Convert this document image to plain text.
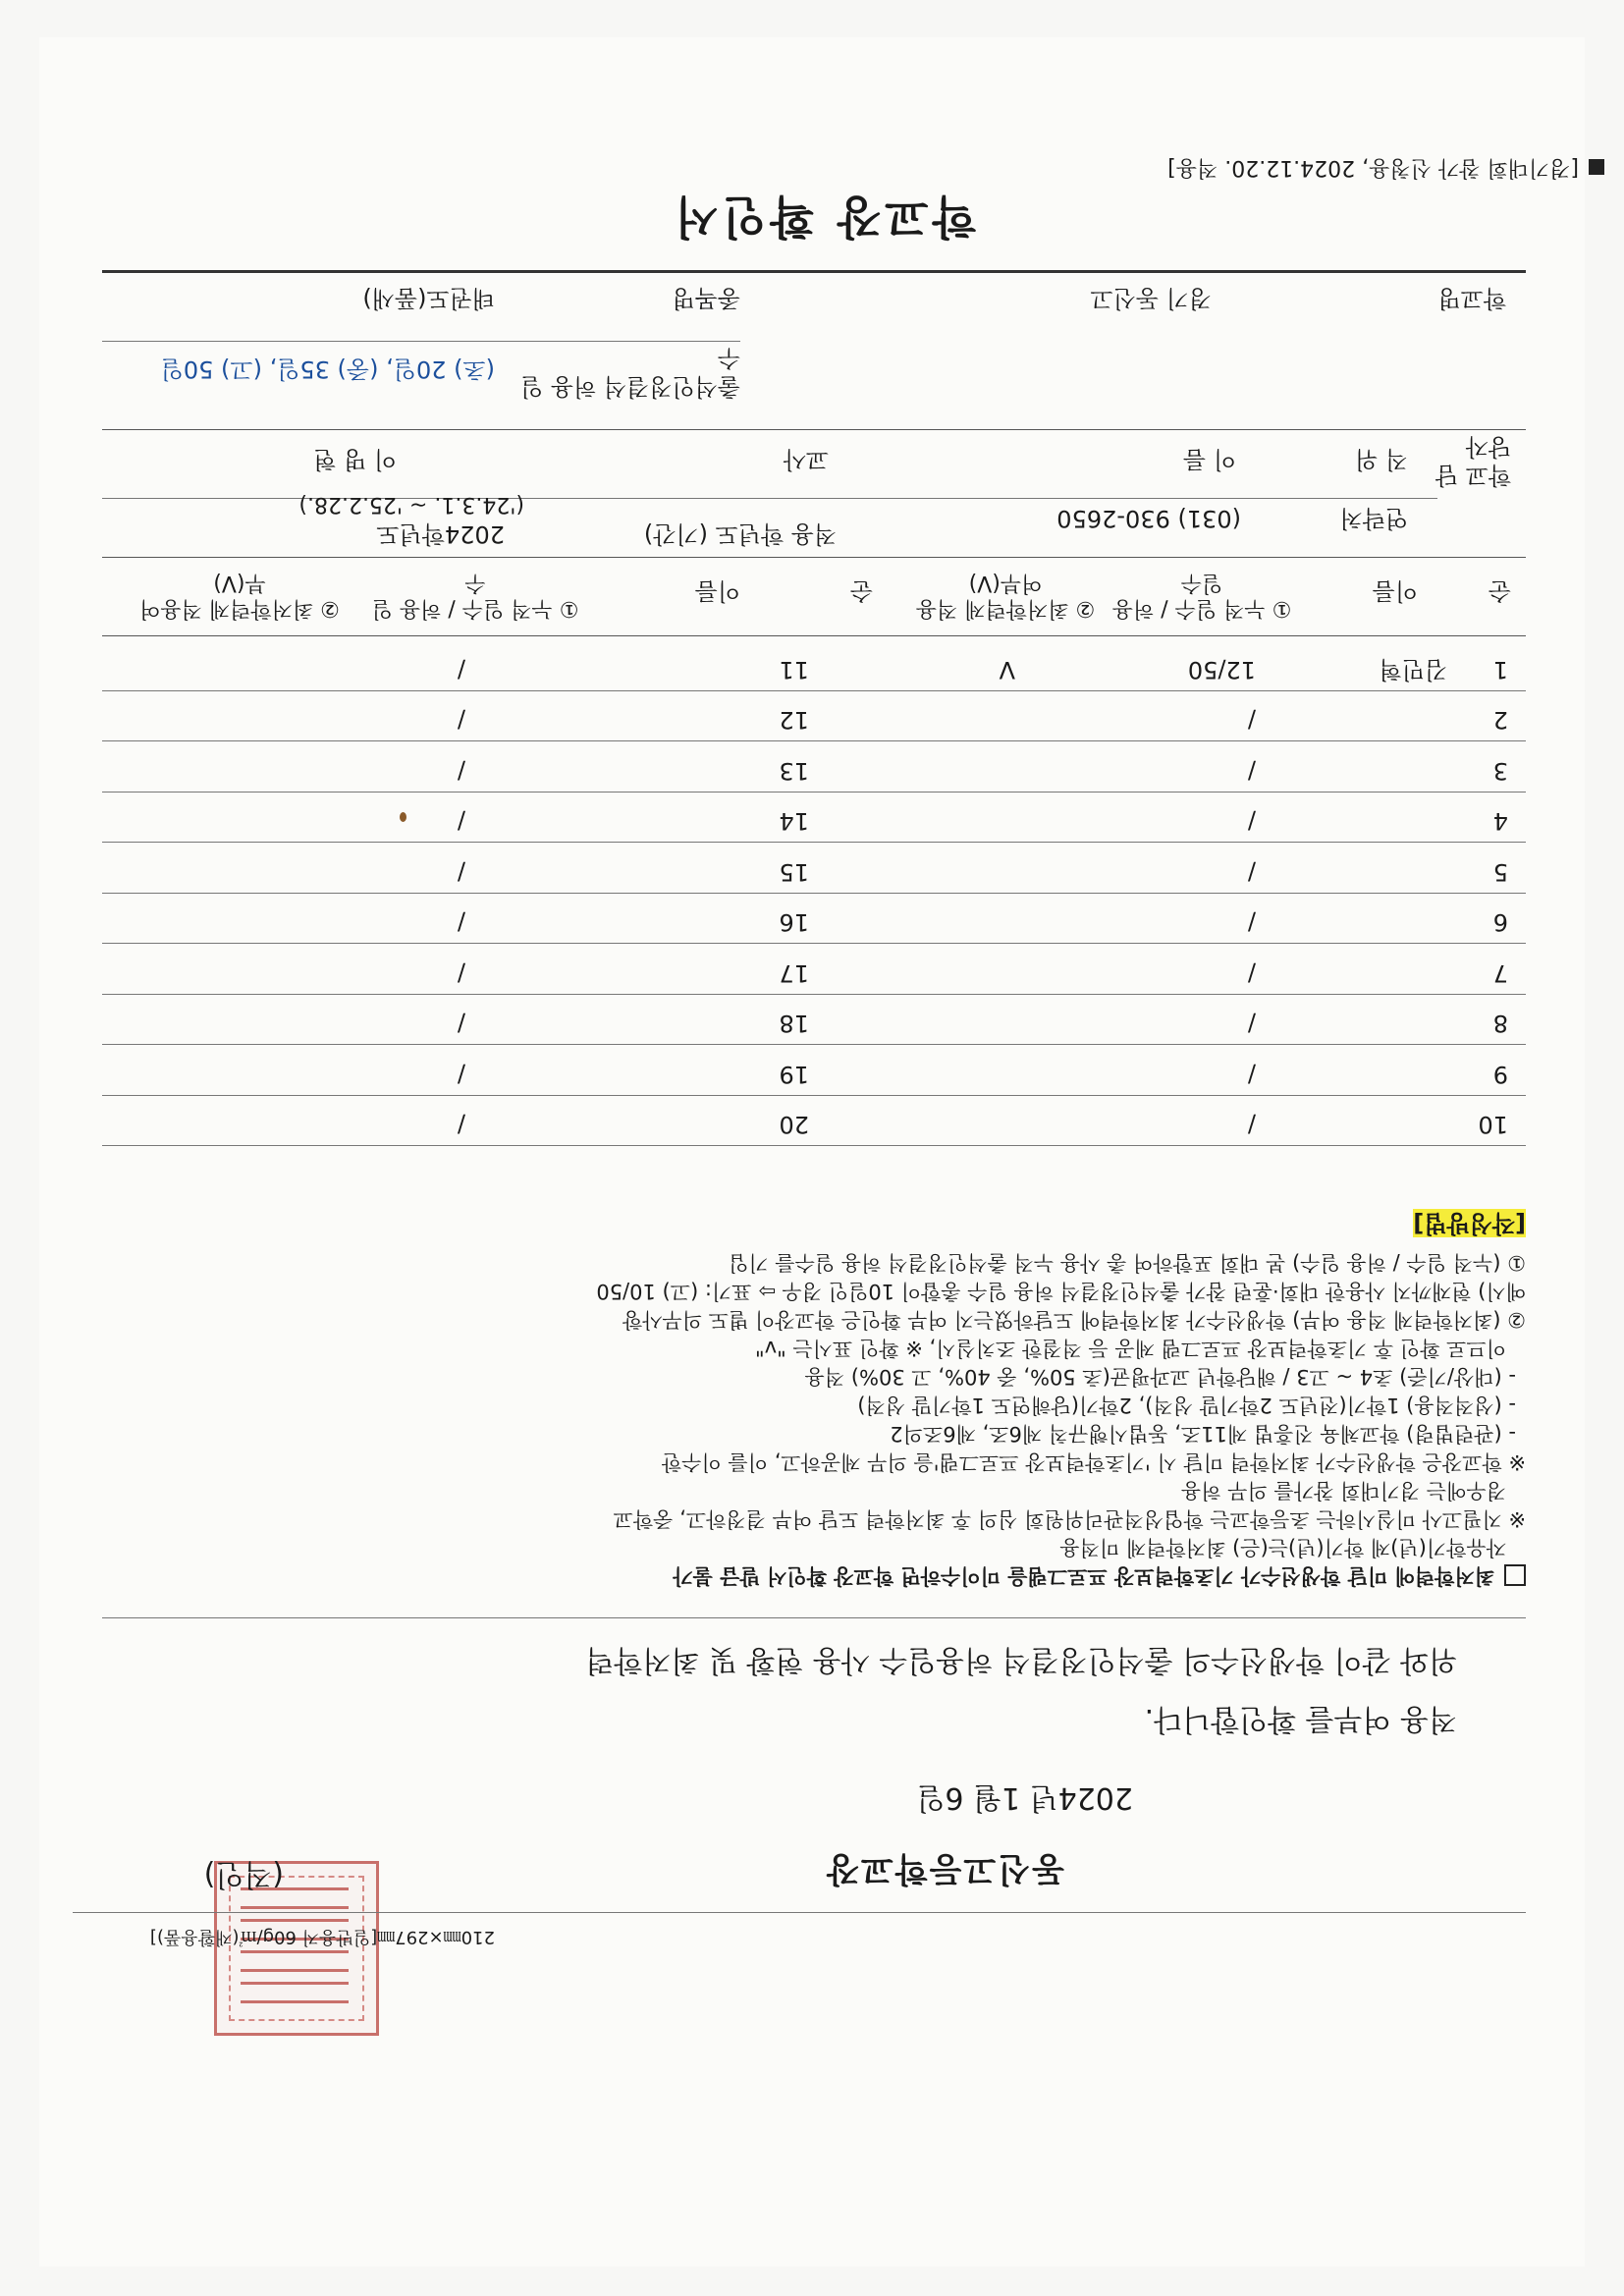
[경기대회 참가 신청용, 2024.12.20. 적용]
학교장 확인서
학교명
경기 동신고
종목명
태권도(품새)
출석인정결석 허용 일수
(초) 20일, (중) 35일, (고) 50일
학교 담당자
직 위
이 름
교사
이 명 현
연락처
(031) 930-2650
적용 학년도 (기간)
2024학년도
('24.3.1. ~ '25.2.28.)
순
이름
① 누적 일수 / 허용 일수
② 최저학력제 적용여부(V)
순
이름
① 누적 일수 / 허용 일수
② 최저학력제 적용여부(V)
1
김민혁
12/50
V
11
/
2
/
12
/
3
/
13
/
4
/
14
/
5
/
15
/
6
/
16
/
7
/
17
/
8
/
18
/
9
/
19
/
10
/
20
/
[작성방법]
① (누적 일수 / 허용 일수) 본 대회 포함하여 총 사용 누적 출석인정결석 허용 일수를 기입
예시) 현재까지 사용한 대회·훈련 참가 출석인정결석 허용 일수 총합이 10일인 경우 ⇨ 표기: (고) 10/50
② (최저학력제 적용 여부) 학생선수가 최저학력에 도달하였는지 여부 확인은 학교장이 별도 의무사항
이므로 확인 후 기초학력보장 프로그램 제공 등 적절한 조치실시, ※ 확인 표시는 "v"
- (대상/기준) 초4 ~ 고3 / 해당학년 교과평균(초 50%, 중 40%, 고 30%) 적용
- (성적적용) 1학기(전년도 2학기말 성적), 2학기(당해연도 1학기말 성적)
- (관련법령) 학교체육 진흥법 제11조, 동법시행규칙 제6조, 제6조의2
※ 학교장은 학생선수가 최저학력 미달 시 '기초학력보장 프로그램'을 의무 제공하고, 이를 이수한
경우에는 경기대회 참가를 의무 허용
※ 지필고사 미실시하는 초등학교는 학업성적관리위원회 심의 후 최저학력 도달 여부 결정하고, 중학교
자유학기(년)제 학기(년)는(은) 최저학력제 미적용
최저학력에 미달 학생선수가 기초학력보장 프로그램을 미이수하면 학교장 확인서 발급 불가
위와 같이 학생선수의 출석인정결석 허용일수 사용 현황 및 최저학력
적용 여부를 확인합니다.
2024년 1월 6일
동신고등학교장
(직인)
210㎜×297㎜[일반용지 60g/㎡(재활용품)]
